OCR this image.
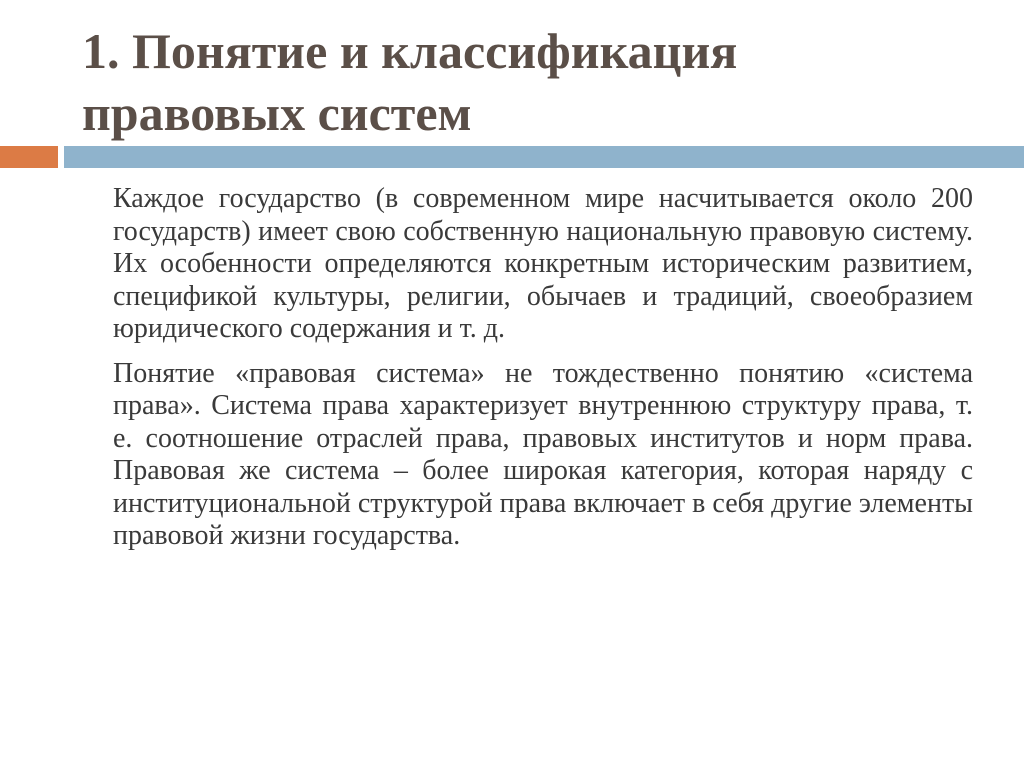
1. Понятие и классификация
правовых систем

Каждое государство (в современном мире насчитывается около 200 государств) имеет свою собственную национальную правовую систему. Их особенности определяются конкретным историческим развитием, спецификой культуры, религии, обычаев и традиций, своеобразием юридического содержания и т. д.

Понятие «правовая система» не тождественно понятию «система права». Система права характеризует внутреннюю структуру права, т. е. соотношение отраслей права, правовых институтов и норм права. Правовая же система – более широкая категория, которая наряду с институциональной структурой права включает в себя другие элементы правовой жизни государства.
